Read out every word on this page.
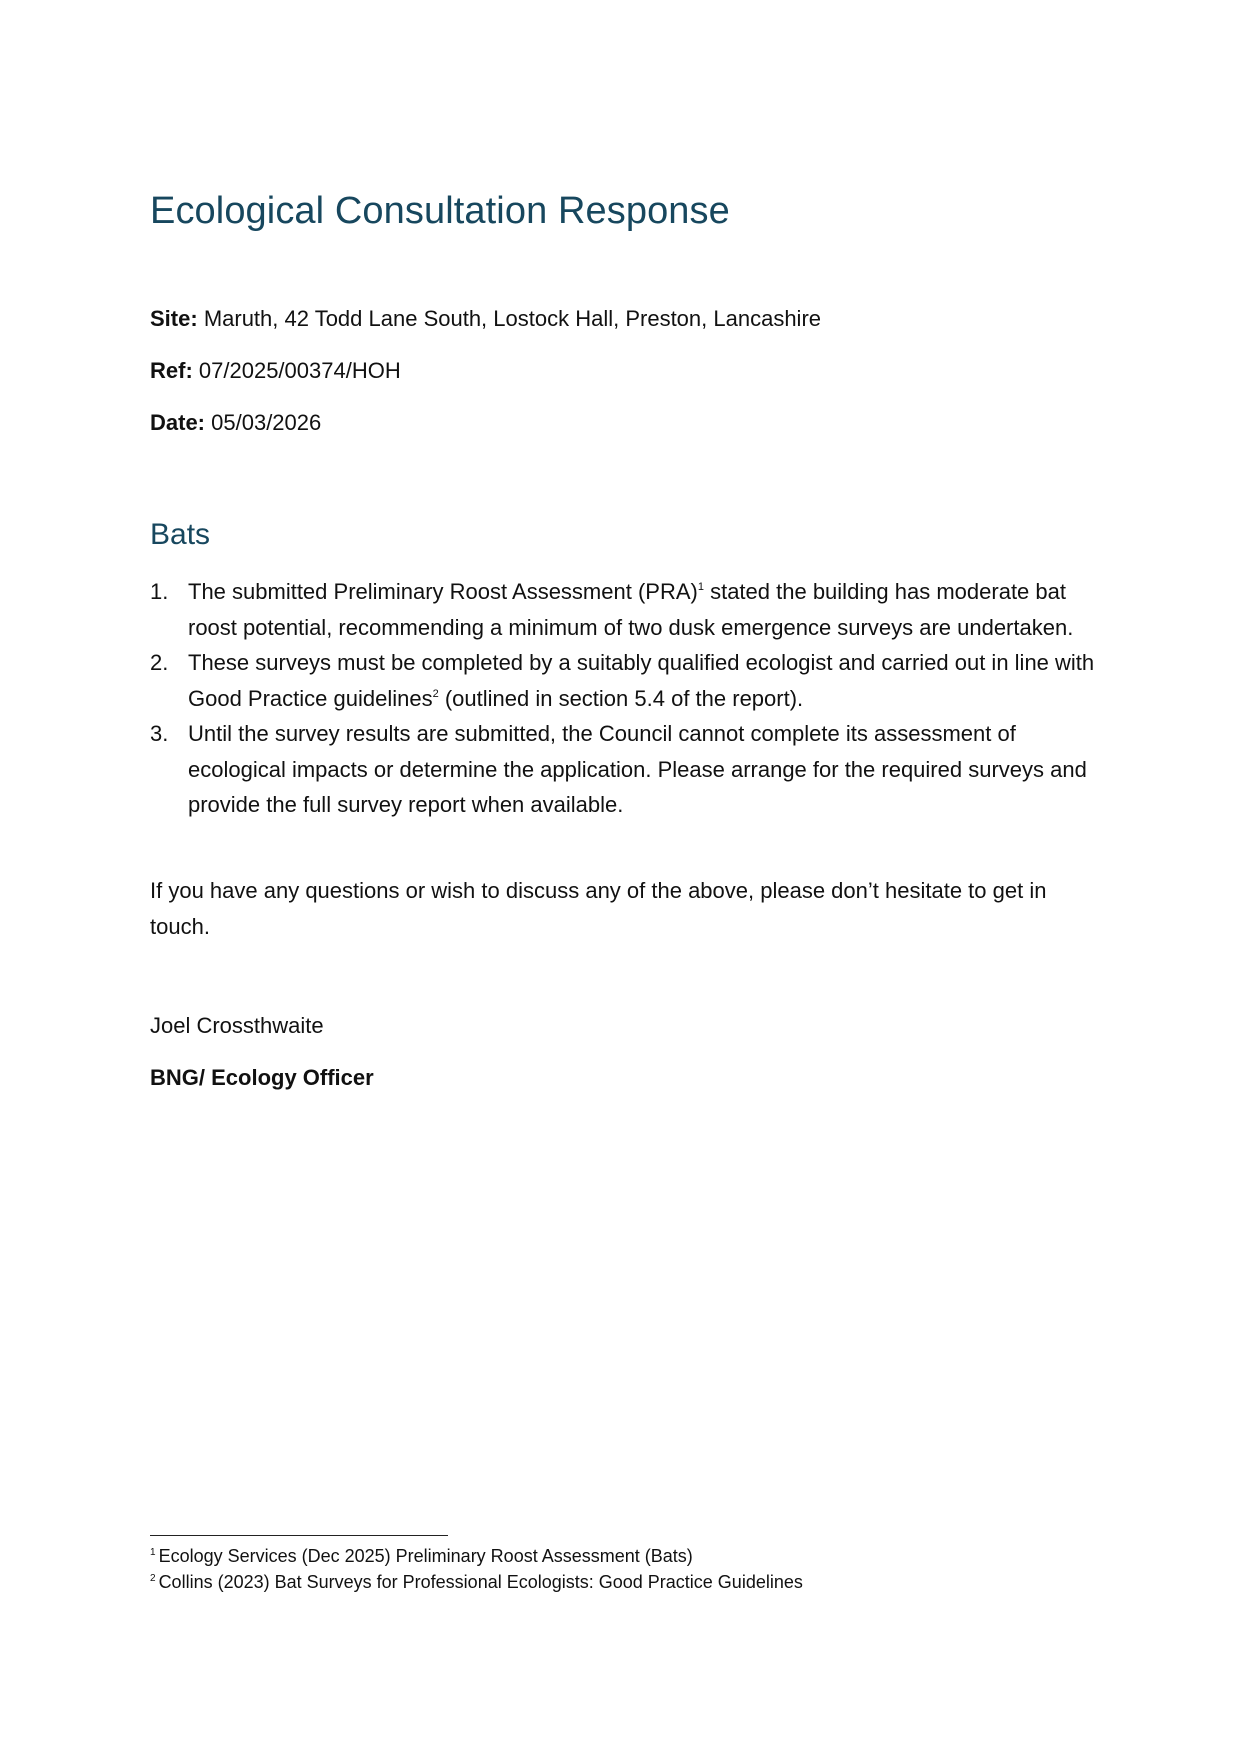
Ecological Consultation Response

Site: Maruth, 42 Todd Lane South, Lostock Hall, Preston, Lancashire

Ref: 07/2025/00374/HOH

Date: 05/03/2026

Bats
1. The submitted Preliminary Roost Assessment (PRA)$^1$ stated the building has moderate bat roost potential, recommending a minimum of two dusk emergence surveys are undertaken.
2. These surveys must be completed by a suitably qualified ecologist and carried out in line with Good Practice guidelines$^2$ (outlined in section 5.4 of the report).
3. Until the survey results are submitted, the Council cannot complete its assessment of ecological impacts or determine the application. Please arrange for the required surveys and provide the full survey report when available.

If you have any questions or wish to discuss any of the above, please don’t hesitate to get in touch.

Joel Crossthwaite

BNG/ Ecology Officer

$^1$ Ecology Services (Dec 2025) Preliminary Roost Assessment (Bats)

$^2$ Collins (2023) Bat Surveys for Professional Ecologists: Good Practice Guidelines
